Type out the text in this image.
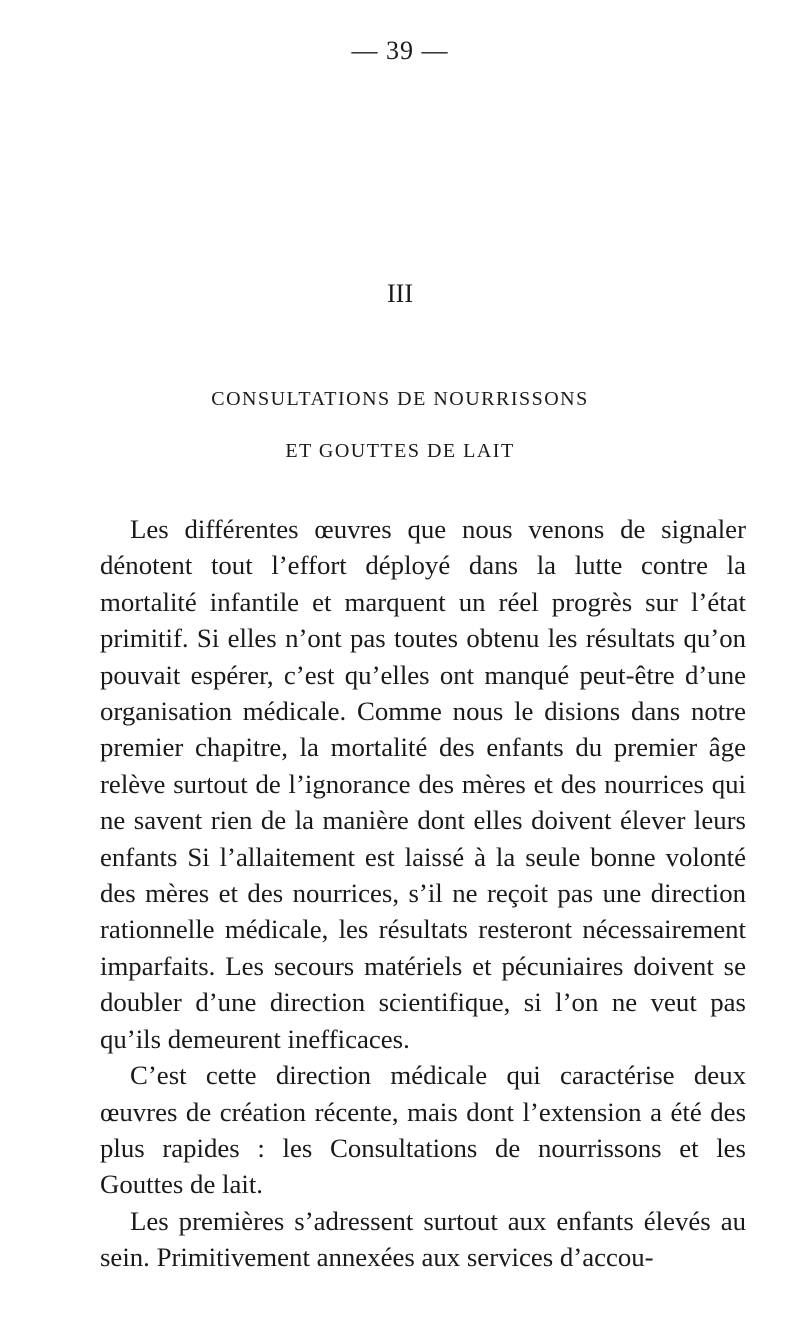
— 39 —
III
CONSULTATIONS DE NOURRISSONS
ET GOUTTES DE LAIT

Les différentes œuvres que nous venons de signaler dénotent tout l’effort déployé dans la lutte contre la mortalité infantile et marquent un réel progrès sur l’état primitif. Si elles n’ont pas toutes obtenu les résultats qu’on pouvait espérer, c’est qu’elles ont manqué peut-être d’une organisation médicale. Comme nous le disions dans notre premier chapitre, la mortalité des enfants du premier âge relève surtout de l’ignorance des mères et des nourrices qui ne savent rien de la manière dont elles doivent élever leurs enfants Si l’allaitement est laissé à la seule bonne volonté des mères et des nourrices, s’il ne reçoit pas une direction rationnelle médicale, les résultats resteront nécessairement imparfaits. Les secours matériels et pécuniaires doivent se doubler d’une direction scientifique, si l’on ne veut pas qu’ils demeurent inefficaces.

C’est cette direction médicale qui caractérise deux œuvres de création récente, mais dont l’extension a été des plus rapides : les Consultations de nourrissons et les Gouttes de lait.

Les premières s’adressent surtout aux enfants élevés au sein. Primitivement annexées aux services d’accou-
